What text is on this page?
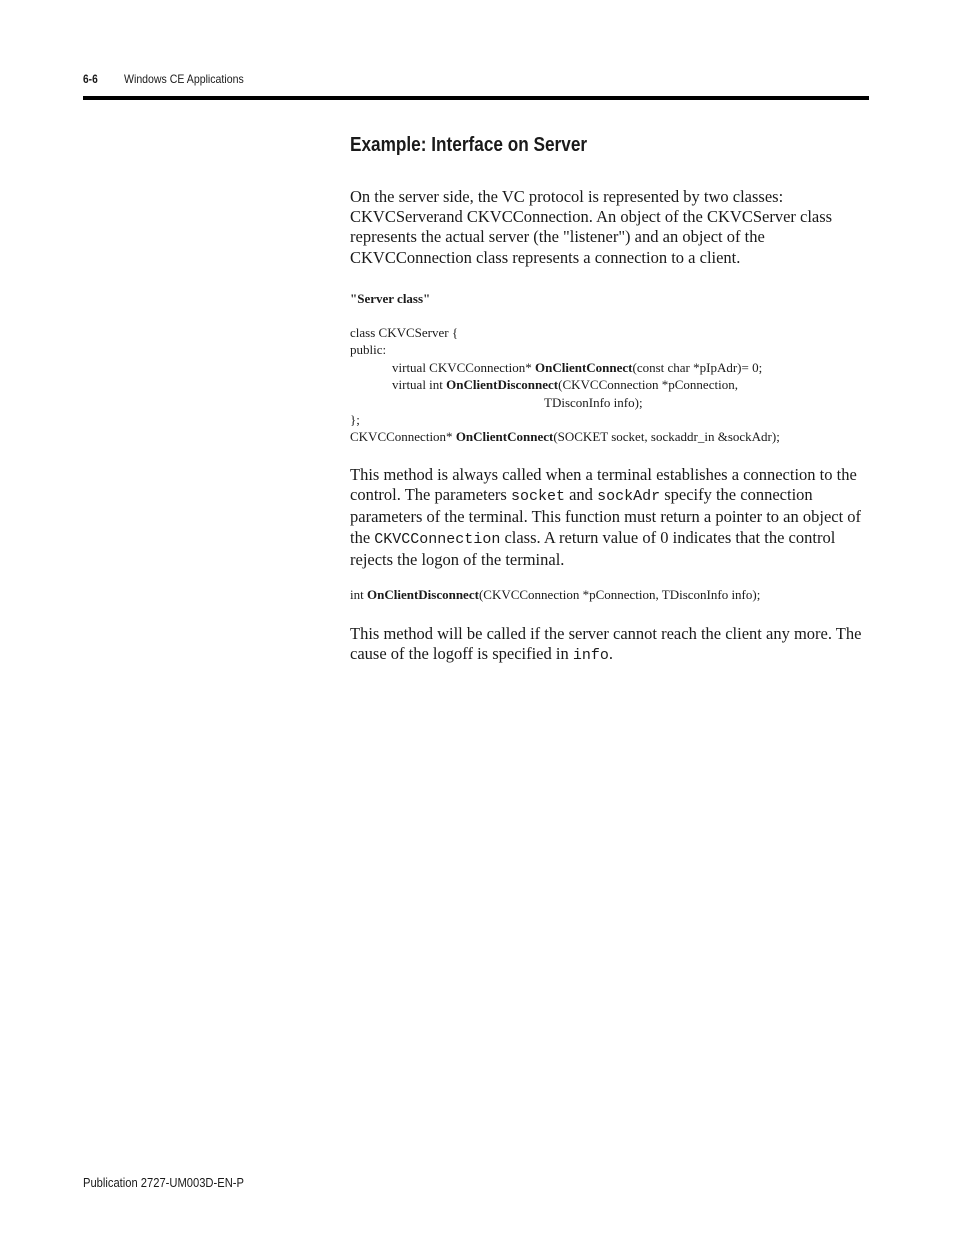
6-6 Windows CE Applications
Example: Interface on Server

On the server side, the VC protocol is represented by two classes: CKVCServerand CKVCConnection. An object of the CKVCServer class represents the actual server (the "listener") and an object of the CKVCConnection class represents a connection to a client.

"Server class"
class CKVCServer {
public:
virtual CKVCConnection* OnClientConnect(const char *pIpAdr)= 0;
virtual int OnClientDisconnect(CKVCConnection *pConnection,
TDisconInfo info);
};
CKVCConnection* OnClientConnect(SOCKET socket, sockaddr_in &sockAdr);

This method is always called when a terminal establishes a connection to the control. The parameters socket and sockAdr specify the connection parameters of the terminal. This function must return a pointer to an object of the CKVCConnection class. A return value of 0 indicates that the control rejects the logon of the terminal.

int OnClientDisconnect(CKVCConnection *pConnection, TDisconInfo info);

This method will be called if the server cannot reach the client any more. The cause of the logoff is specified in info.

Publication 2727-UM003D-EN-P
